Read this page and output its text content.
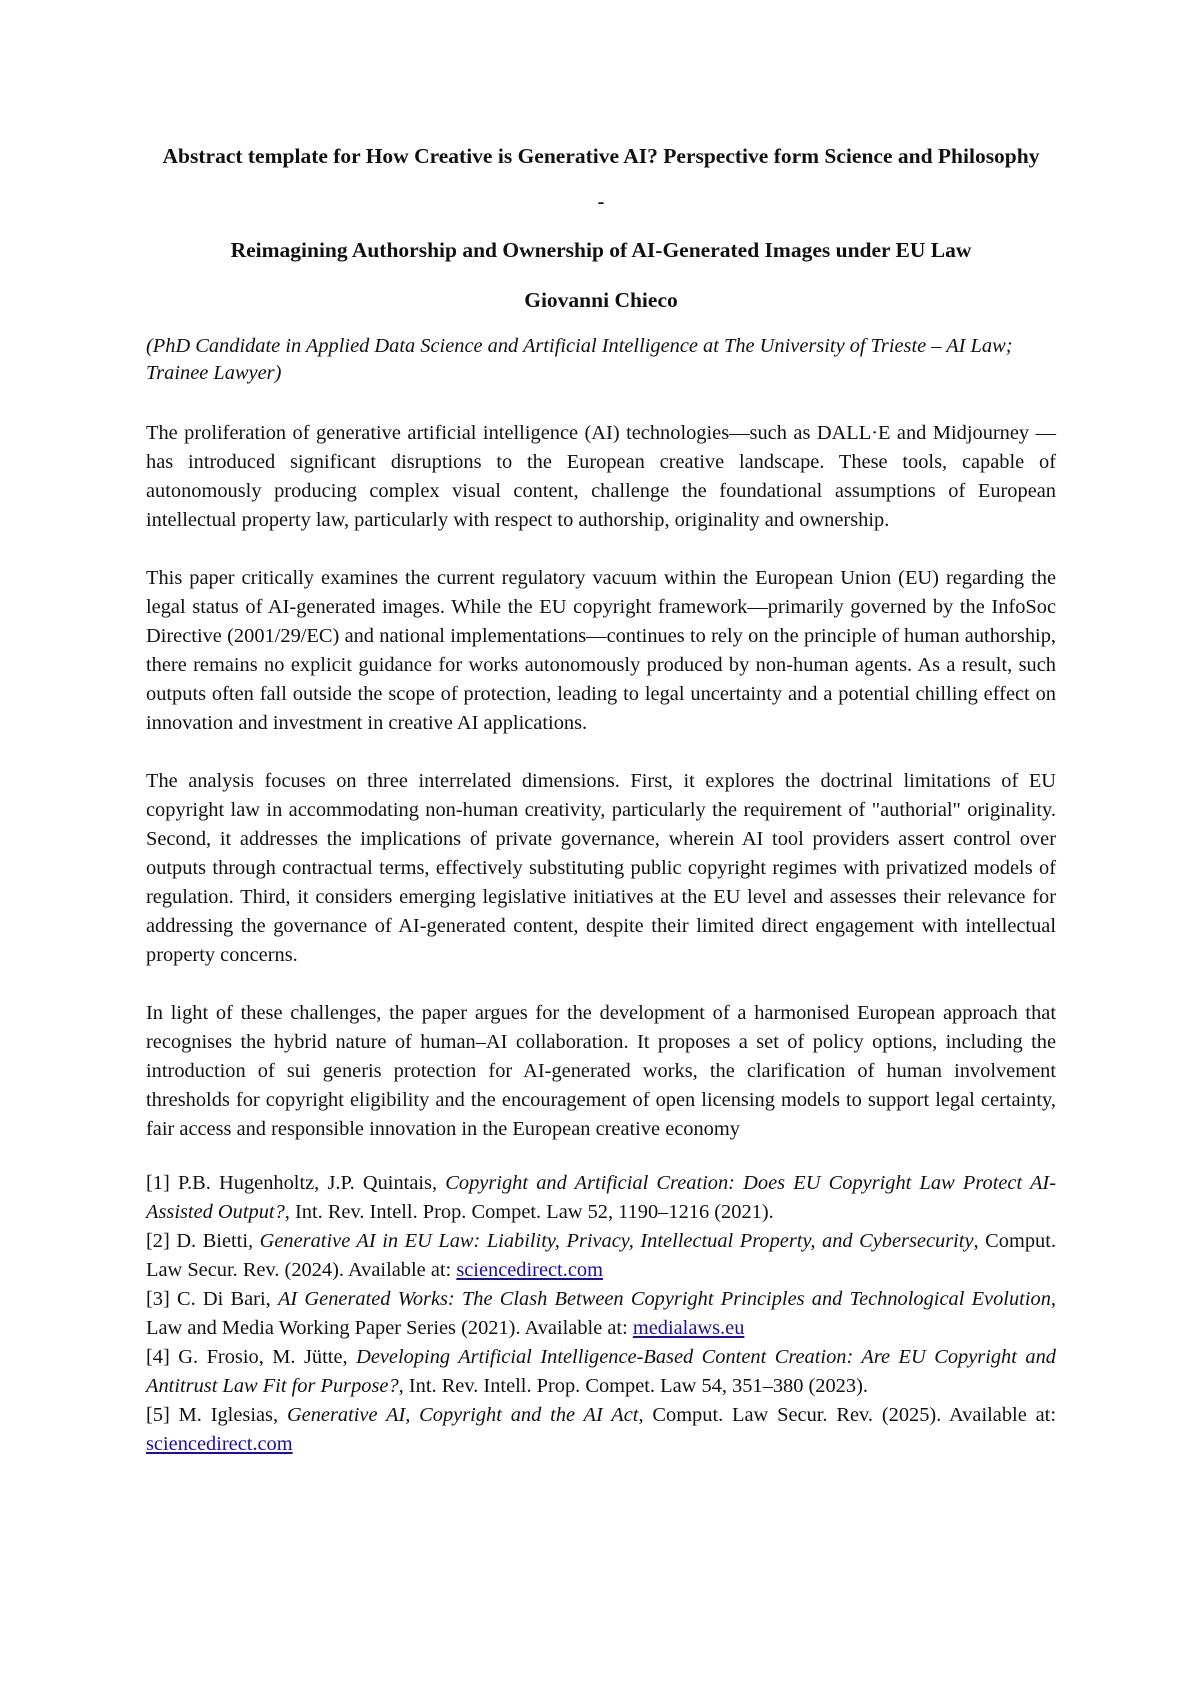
Abstract template for How Creative is Generative AI? Perspective form Science and Philosophy
-
Reimagining Authorship and Ownership of AI-Generated Images under EU Law
Giovanni Chieco
(PhD Candidate in Applied Data Science and Artificial Intelligence at The University of Trieste – AI Law; Trainee Lawyer)

The proliferation of generative artificial intelligence (AI) technologies—such as DALL·E and Midjourney —has introduced significant disruptions to the European creative landscape. These tools, capable of autonomously producing complex visual content, challenge the foundational assumptions of European intellectual property law, particularly with respect to authorship, originality and ownership.

This paper critically examines the current regulatory vacuum within the European Union (EU) regarding the legal status of AI-generated images. While the EU copyright framework—primarily governed by the InfoSoc Directive (2001/29/EC) and national implementations—continues to rely on the principle of human authorship, there remains no explicit guidance for works autonomously produced by non-human agents. As a result, such outputs often fall outside the scope of protection, leading to legal uncertainty and a potential chilling effect on innovation and investment in creative AI applications.

The analysis focuses on three interrelated dimensions. First, it explores the doctrinal limitations of EU copyright law in accommodating non-human creativity, particularly the requirement of "authorial" originality. Second, it addresses the implications of private governance, wherein AI tool providers assert control over outputs through contractual terms, effectively substituting public copyright regimes with privatized models of regulation. Third, it considers emerging legislative initiatives at the EU level and assesses their relevance for addressing the governance of AI-generated content, despite their limited direct engagement with intellectual property concerns.

In light of these challenges, the paper argues for the development of a harmonised European approach that recognises the hybrid nature of human–AI collaboration. It proposes a set of policy options, including the introduction of sui generis protection for AI-generated works, the clarification of human involvement thresholds for copyright eligibility and the encouragement of open licensing models to support legal certainty, fair access and responsible innovation in the European creative economy

[1] P.B. Hugenholtz, J.P. Quintais, Copyright and Artificial Creation: Does EU Copyright Law Protect AI-Assisted Output?, Int. Rev. Intell. Prop. Compet. Law 52, 1190–1216 (2021).

[2] D. Bietti, Generative AI in EU Law: Liability, Privacy, Intellectual Property, and Cybersecurity, Comput. Law Secur. Rev. (2024). Available at: sciencedirect.com

[3] C. Di Bari, AI Generated Works: The Clash Between Copyright Principles and Technological Evolution, Law and Media Working Paper Series (2021). Available at: medialaws.eu

[4] G. Frosio, M. Jütte, Developing Artificial Intelligence-Based Content Creation: Are EU Copyright and Antitrust Law Fit for Purpose?, Int. Rev. Intell. Prop. Compet. Law 54, 351–380 (2023).

[5] M. Iglesias, Generative AI, Copyright and the AI Act, Comput. Law Secur. Rev. (2025). Available at: sciencedirect.com
